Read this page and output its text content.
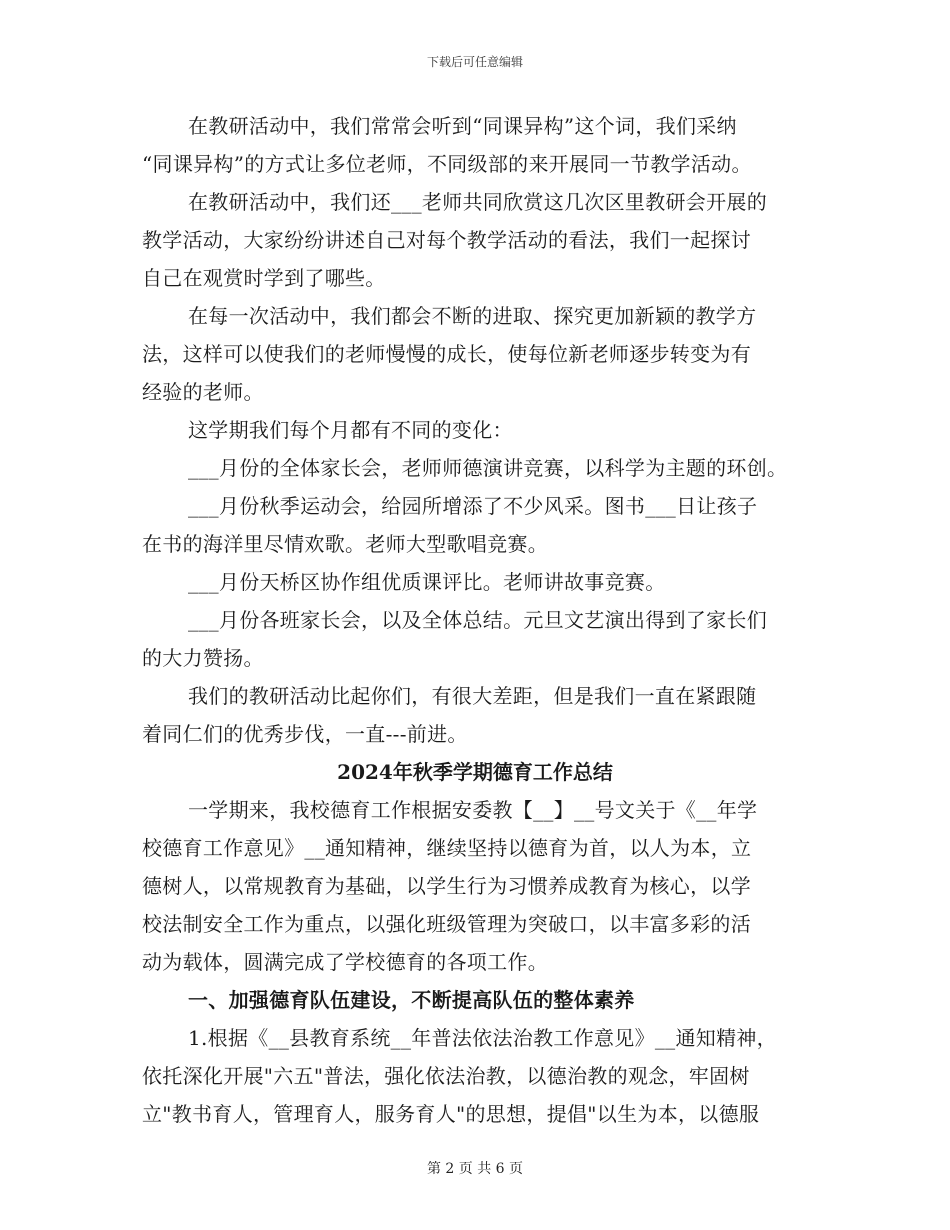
下载后可任意编辑
在教研活动中，我们常常会听到“同课异构”这个词，我们采纳
“同课异构”的方式让多位老师，不同级部的来开展同一节教学活动。
在教研活动中，我们还___老师共同欣赏这几次区里教研会开展的
教学活动，大家纷纷讲述自己对每个教学活动的看法，我们一起探讨
自己在观赏时学到了哪些。
在每一次活动中，我们都会不断的进取、探究更加新颖的教学方
法，这样可以使我们的老师慢慢的成长，使每位新老师逐步转变为有
经验的老师。
这学期我们每个月都有不同的变化：
___月份的全体家长会，老师师德演讲竞赛，以科学为主题的环创。
___月份秋季运动会，给园所增添了不少风采。图书___日让孩子
在书的海洋里尽情欢歌。老师大型歌唱竞赛。
___月份天桥区协作组优质课评比。老师讲故事竞赛。
___月份各班家长会，以及全体总结。元旦文艺演出得到了家长们
的大力赞扬。
我们的教研活动比起你们，有很大差距，但是我们一直在紧跟随
着同仁们的优秀步伐，一直---前进。
2024年秋季学期德育工作总结
一学期来，我校德育工作根据安委教【__】__号文关于《__年学
校德育工作意见》__通知精神，继续坚持以德育为首，以人为本，立
德树人，以常规教育为基础，以学生行为习惯养成教育为核心，以学
校法制安全工作为重点，以强化班级管理为突破口，以丰富多彩的活
动为载体，圆满完成了学校德育的各项工作。
一、加强德育队伍建设，不断提高队伍的整体素养
1.根据《__县教育系统__年普法依法治教工作意见》__通知精神，
依托深化开展"六五"普法，强化依法治教，以德治教的观念，牢固树
立"教书育人，管理育人，服务育人"的思想，提倡"以生为本，以德服
第 2 页 共 6 页
